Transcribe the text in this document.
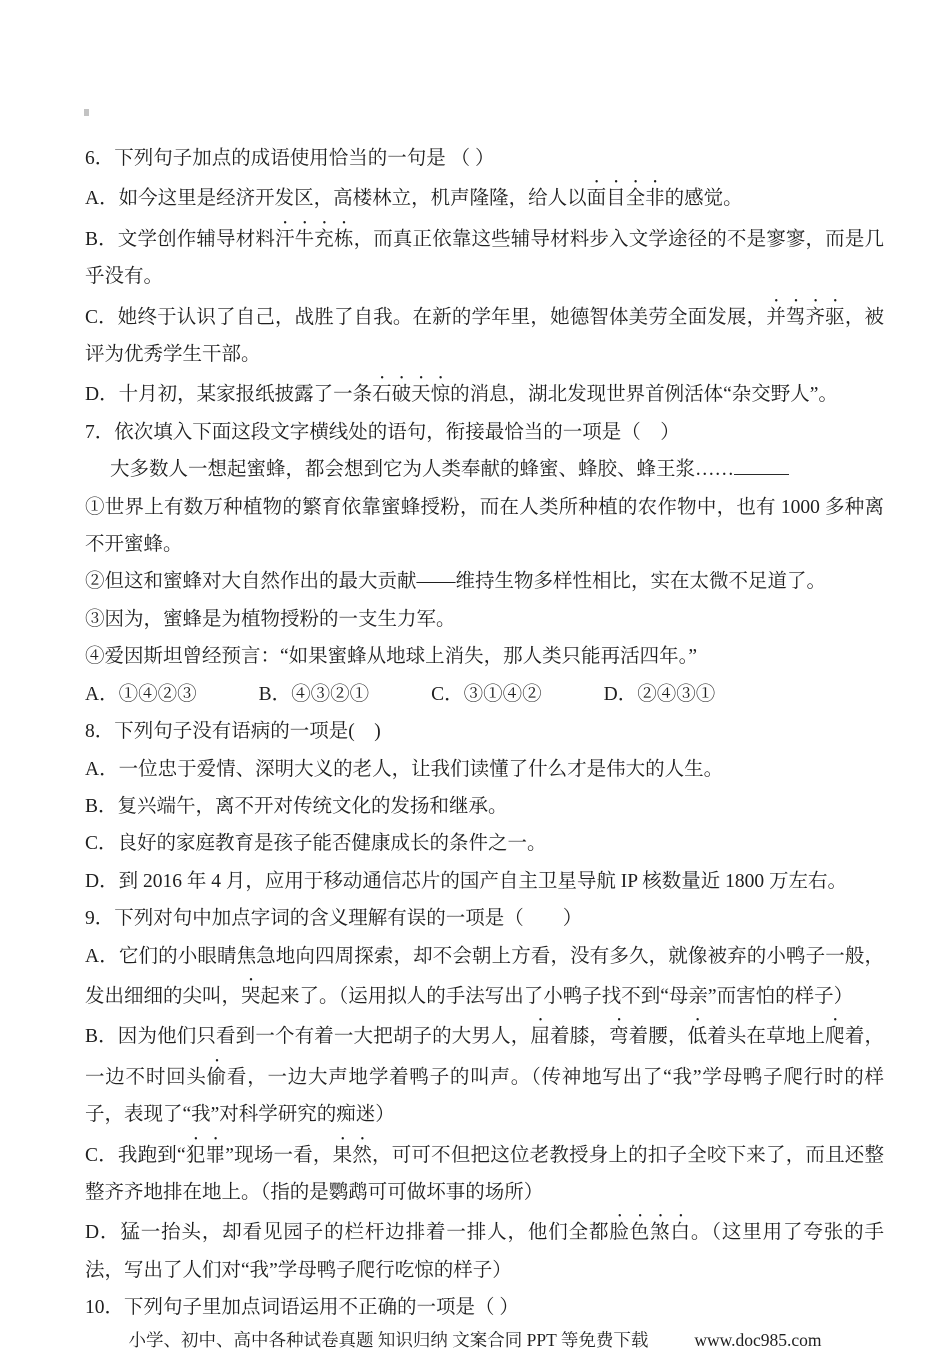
6．下列句子加点的成语使用恰当的一句是 （ ）

A．如今这里是经济开发区，高楼林立，机声隆隆，给人以面目全非的感觉。

B．文学创作辅导材料汗牛充栋，而真正依靠这些辅导材料步入文学途径的不是寥寥，而是几乎没有。

C．她终于认识了自己，战胜了自我。在新的学年里，她德智体美劳全面发展，并驾齐驱，被评为优秀学生干部。

D．十月初，某家报纸披露了一条石破天惊的消息，湖北发现世界首例活体“杂交野人”。

7．依次填入下面这段文字横线处的语句，衔接最恰当的一项是（　）

大多数人一想起蜜蜂，都会想到它为人类奉献的蜂蜜、蜂胶、蜂王浆……

①世界上有数万种植物的繁育依靠蜜蜂授粉，而在人类所种植的农作物中，也有 1000 多种离不开蜜蜂。

②但这和蜜蜂对大自然作出的最大贡献——维持生物多样性相比，实在太微不足道了。

③因为，蜜蜂是为植物授粉的一支生力军。

④爱因斯坦曾经预言：“如果蜜蜂从地球上消失，那人类只能再活四年。”

A．①④②③	B．④③②①	C．③①④②	D．②④③①

8．下列句子没有语病的一项是(　)

A．一位忠于爱情、深明大义的老人，让我们读懂了什么才是伟大的人生。

B．复兴端午，离不开对传统文化的发扬和继承。

C．良好的家庭教育是孩子能否健康成长的条件之一。

D．到 2016 年 4 月，应用于移动通信芯片的国产自主卫星导航 IP 核数量近 1800 万左右。

9．下列对句中加点字词的含义理解有误的一项是（　　）

A．它们的小眼睛焦急地向四周探索，却不会朝上方看，没有多久，就像被弃的小鸭子一般，发出细细的尖叫，哭起来了。（运用拟人的手法写出了小鸭子找不到“母亲”而害怕的样子）

B．因为他们只看到一个有着一大把胡子的大男人，屈着膝，弯着腰，低着头在草地上爬着，一边不时回头偷看，一边大声地学着鸭子的叫声。（传神地写出了“我”学母鸭子爬行时的样子，表现了“我”对科学研究的痴迷）

C．我跑到“犯罪”现场一看，果然，可可不但把这位老教授身上的扣子全咬下来了，而且还整整齐齐地排在地上。（指的是鹦鹉可可做坏事的场所）

D．猛一抬头，却看见园子的栏杆边排着一排人，他们全都脸色煞白。（这里用了夸张的手法，写出了人们对“我”学母鸭子爬行吃惊的样子）

10．下列句子里加点词语运用不正确的一项是（ ）

小学、初中、高中各种试卷真题 知识归纳 文案合同 PPT 等免费下载	www.doc985.com
